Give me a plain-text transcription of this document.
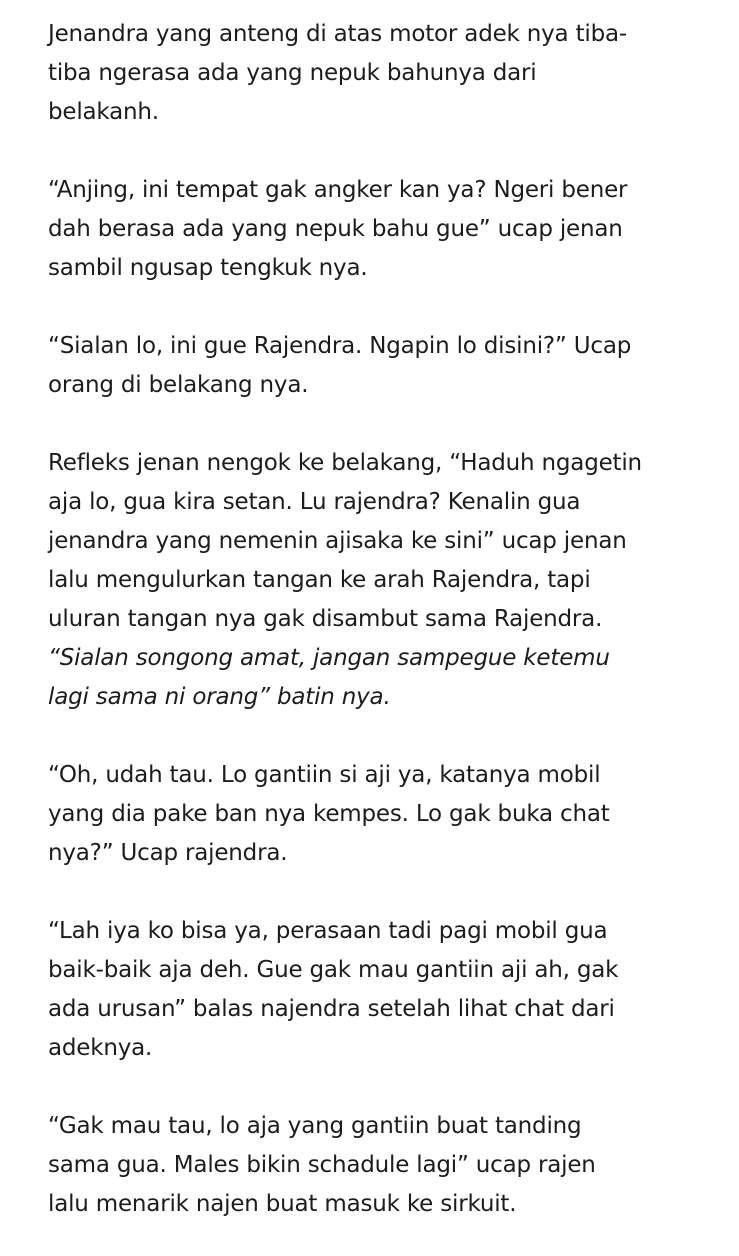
Jenandra yang anteng di atas motor adek nya tiba-
tiba ngerasa ada yang nepuk bahunya dari
belakanh.

“Anjing, ini tempat gak angker kan ya? Ngeri bener
dah berasa ada yang nepuk bahu gue” ucap jenan
sambil ngusap tengkuk nya.

“Sialan lo, ini gue Rajendra. Ngapin lo disini?” Ucap
orang di belakang nya.

Refleks jenan nengok ke belakang, “Haduh ngagetin
aja lo, gua kira setan. Lu rajendra? Kenalin gua
jenandra yang nemenin ajisaka ke sini” ucap jenan
lalu mengulurkan tangan ke arah Rajendra, tapi
uluran tangan nya gak disambut sama Rajendra.
“Sialan songong amat, jangan sampegue ketemu
lagi sama ni orang” batin nya.

“Oh, udah tau. Lo gantiin si aji ya, katanya mobil
yang dia pake ban nya kempes. Lo gak buka chat
nya?” Ucap rajendra.

“Lah iya ko bisa ya, perasaan tadi pagi mobil gua
baik-baik aja deh. Gue gak mau gantiin aji ah, gak
ada urusan” balas najendra setelah lihat chat dari
adeknya.

“Gak mau tau, lo aja yang gantiin buat tanding
sama gua. Males bikin schadule lagi” ucap rajen
lalu menarik najen buat masuk ke sirkuit.
